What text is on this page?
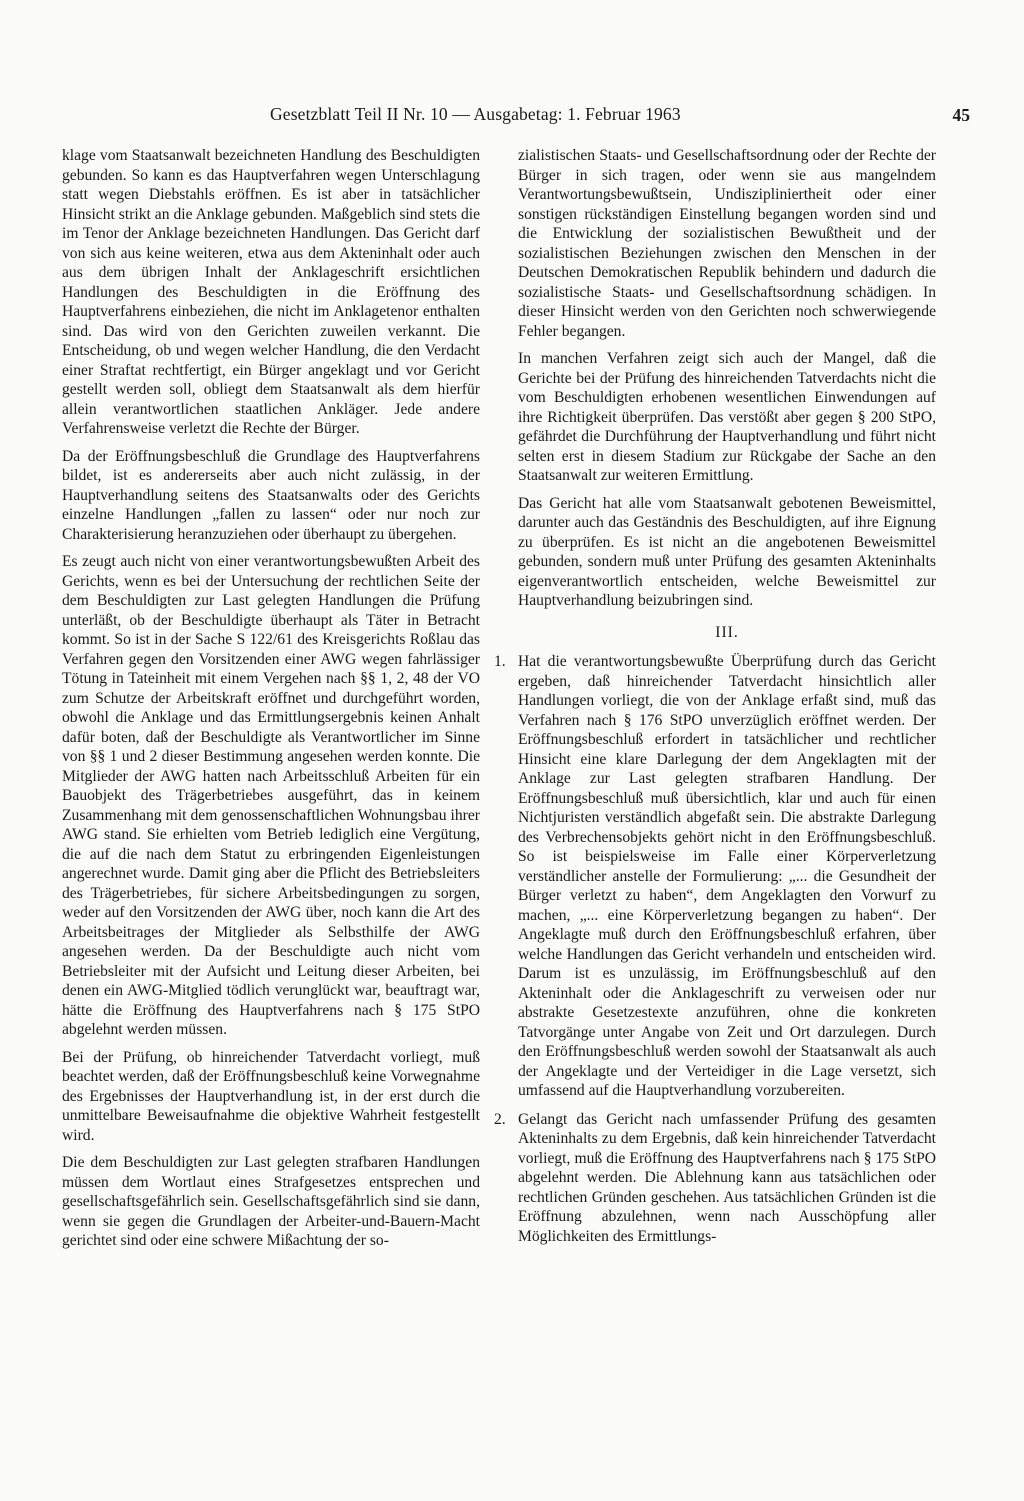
Gesetzblatt Teil II Nr. 10 — Ausgabetag: 1. Februar 1963	45

klage vom Staatsanwalt bezeichneten Handlung des Beschuldigten gebunden. So kann es das Hauptverfahren wegen Unterschlagung statt wegen Diebstahls eröffnen. Es ist aber in tatsächlicher Hinsicht strikt an die Anklage gebunden. Maßgeblich sind stets die im Tenor der Anklage bezeichneten Handlungen. Das Gericht darf von sich aus keine weiteren, etwa aus dem Akteninhalt oder auch aus dem übrigen Inhalt der Anklageschrift ersichtlichen Handlungen des Beschuldigten in die Eröffnung des Hauptverfahrens einbeziehen, die nicht im Anklagetenor enthalten sind. Das wird von den Gerichten zuweilen verkannt. Die Entscheidung, ob und wegen welcher Handlung, die den Verdacht einer Straftat rechtfertigt, ein Bürger angeklagt und vor Gericht gestellt werden soll, obliegt dem Staatsanwalt als dem hierfür allein verantwortlichen staatlichen Ankläger. Jede andere Verfahrensweise verletzt die Rechte der Bürger.

Da der Eröffnungsbeschluß die Grundlage des Hauptverfahrens bildet, ist es andererseits aber auch nicht zulässig, in der Hauptverhandlung seitens des Staatsanwalts oder des Gerichts einzelne Handlungen „fallen zu lassen“ oder nur noch zur Charakterisierung heranzuziehen oder überhaupt zu übergehen.

Es zeugt auch nicht von einer verantwortungsbewußten Arbeit des Gerichts, wenn es bei der Untersuchung der rechtlichen Seite der dem Beschuldigten zur Last gelegten Handlungen die Prüfung unterläßt, ob der Beschuldigte überhaupt als Täter in Betracht kommt. So ist in der Sache S 122/61 des Kreisgerichts Roßlau das Verfahren gegen den Vorsitzenden einer AWG wegen fahrlässiger Tötung in Tateinheit mit einem Vergehen nach §§ 1, 2, 48 der VO zum Schutze der Arbeitskraft eröffnet und durchgeführt worden, obwohl die Anklage und das Ermittlungsergebnis keinen Anhalt dafür boten, daß der Beschuldigte als Verantwortlicher im Sinne von §§ 1 und 2 dieser Bestimmung angesehen werden konnte. Die Mitglieder der AWG hatten nach Arbeitsschluß Arbeiten für ein Bauobjekt des Trägerbetriebes ausgeführt, das in keinem Zusammenhang mit dem genossenschaftlichen Wohnungsbau ihrer AWG stand. Sie erhielten vom Betrieb lediglich eine Vergütung, die auf die nach dem Statut zu erbringenden Eigenleistungen angerechnet wurde. Damit ging aber die Pflicht des Betriebsleiters des Trägerbetriebes, für sichere Arbeitsbedingungen zu sorgen, weder auf den Vorsitzenden der AWG über, noch kann die Art des Arbeitsbeitrages der Mitglieder als Selbsthilfe der AWG angesehen werden. Da der Beschuldigte auch nicht vom Betriebsleiter mit der Aufsicht und Leitung dieser Arbeiten, bei denen ein AWG-Mitglied tödlich verunglückt war, beauftragt war, hätte die Eröffnung des Hauptverfahrens nach § 175 StPO abgelehnt werden müssen.

Bei der Prüfung, ob hinreichender Tatverdacht vorliegt, muß beachtet werden, daß der Eröffnungsbeschluß keine Vorwegnahme des Ergebnisses der Hauptverhandlung ist, in der erst durch die unmittelbare Beweisaufnahme die objektive Wahrheit festgestellt wird.

Die dem Beschuldigten zur Last gelegten strafbaren Handlungen müssen dem Wortlaut eines Strafgesetzes entsprechen und gesellschaftsgefährlich sein. Gesellschaftsgefährlich sind sie dann, wenn sie gegen die Grundlagen der Arbeiter-und-Bauern-Macht gerichtet sind oder eine schwere Mißachtung der so-

zialistischen Staats- und Gesellschaftsordnung oder der Rechte der Bürger in sich tragen, oder wenn sie aus mangelndem Verantwortungsbewußtsein, Undiszipliniertheit oder einer sonstigen rückständigen Einstellung begangen worden sind und die Entwicklung der sozialistischen Bewußtheit und der sozialistischen Beziehungen zwischen den Menschen in der Deutschen Demokratischen Republik behindern und dadurch die sozialistische Staats- und Gesellschaftsordnung schädigen. In dieser Hinsicht werden von den Gerichten noch schwerwiegende Fehler begangen.

In manchen Verfahren zeigt sich auch der Mangel, daß die Gerichte bei der Prüfung des hinreichenden Tatverdachts nicht die vom Beschuldigten erhobenen wesentlichen Einwendungen auf ihre Richtigkeit überprüfen. Das verstößt aber gegen § 200 StPO, gefährdet die Durchführung der Hauptverhandlung und führt nicht selten erst in diesem Stadium zur Rückgabe der Sache an den Staatsanwalt zur weiteren Ermittlung.

Das Gericht hat alle vom Staatsanwalt gebotenen Beweismittel, darunter auch das Geständnis des Beschuldigten, auf ihre Eignung zu überprüfen. Es ist nicht an die angebotenen Beweismittel gebunden, sondern muß unter Prüfung des gesamten Akteninhalts eigenverantwortlich entscheiden, welche Beweismittel zur Hauptverhandlung beizubringen sind.

III.
1. Hat die verantwortungsbewußte Überprüfung durch das Gericht ergeben, daß hinreichender Tatverdacht hinsichtlich aller Handlungen vorliegt, die von der Anklage erfaßt sind, muß das Verfahren nach § 176 StPO unverzüglich eröffnet werden. Der Eröffnungsbeschluß erfordert in tatsächlicher und rechtlicher Hinsicht eine klare Darlegung der dem Angeklagten mit der Anklage zur Last gelegten strafbaren Handlung. Der Eröffnungsbeschluß muß übersichtlich, klar und auch für einen Nichtjuristen verständlich abgefaßt sein. Die abstrakte Darlegung des Verbrechensobjekts gehört nicht in den Eröffnungsbeschluß. So ist beispielsweise im Falle einer Körperverletzung verständlicher anstelle der Formulierung: „... die Gesundheit der Bürger verletzt zu haben“, dem Angeklagten den Vorwurf zu machen, „... eine Körperverletzung begangen zu haben“. Der Angeklagte muß durch den Eröffnungsbeschluß erfahren, über welche Handlungen das Gericht verhandeln und entscheiden wird. Darum ist es unzulässig, im Eröffnungsbeschluß auf den Akteninhalt oder die Anklageschrift zu verweisen oder nur abstrakte Gesetzestexte anzuführen, ohne die konkreten Tatvorgänge unter Angabe von Zeit und Ort darzulegen. Durch den Eröffnungsbeschluß werden sowohl der Staatsanwalt als auch der Angeklagte und der Verteidiger in die Lage versetzt, sich umfassend auf die Hauptverhandlung vorzubereiten.
2. Gelangt das Gericht nach umfassender Prüfung des gesamten Akteninhalts zu dem Ergebnis, daß kein hinreichender Tatverdacht vorliegt, muß die Eröffnung des Hauptverfahrens nach § 175 StPO abgelehnt werden. Die Ablehnung kann aus tatsächlichen oder rechtlichen Gründen geschehen. Aus tatsächlichen Gründen ist die Eröffnung abzulehnen, wenn nach Ausschöpfung aller Möglichkeiten des Ermittlungs-
